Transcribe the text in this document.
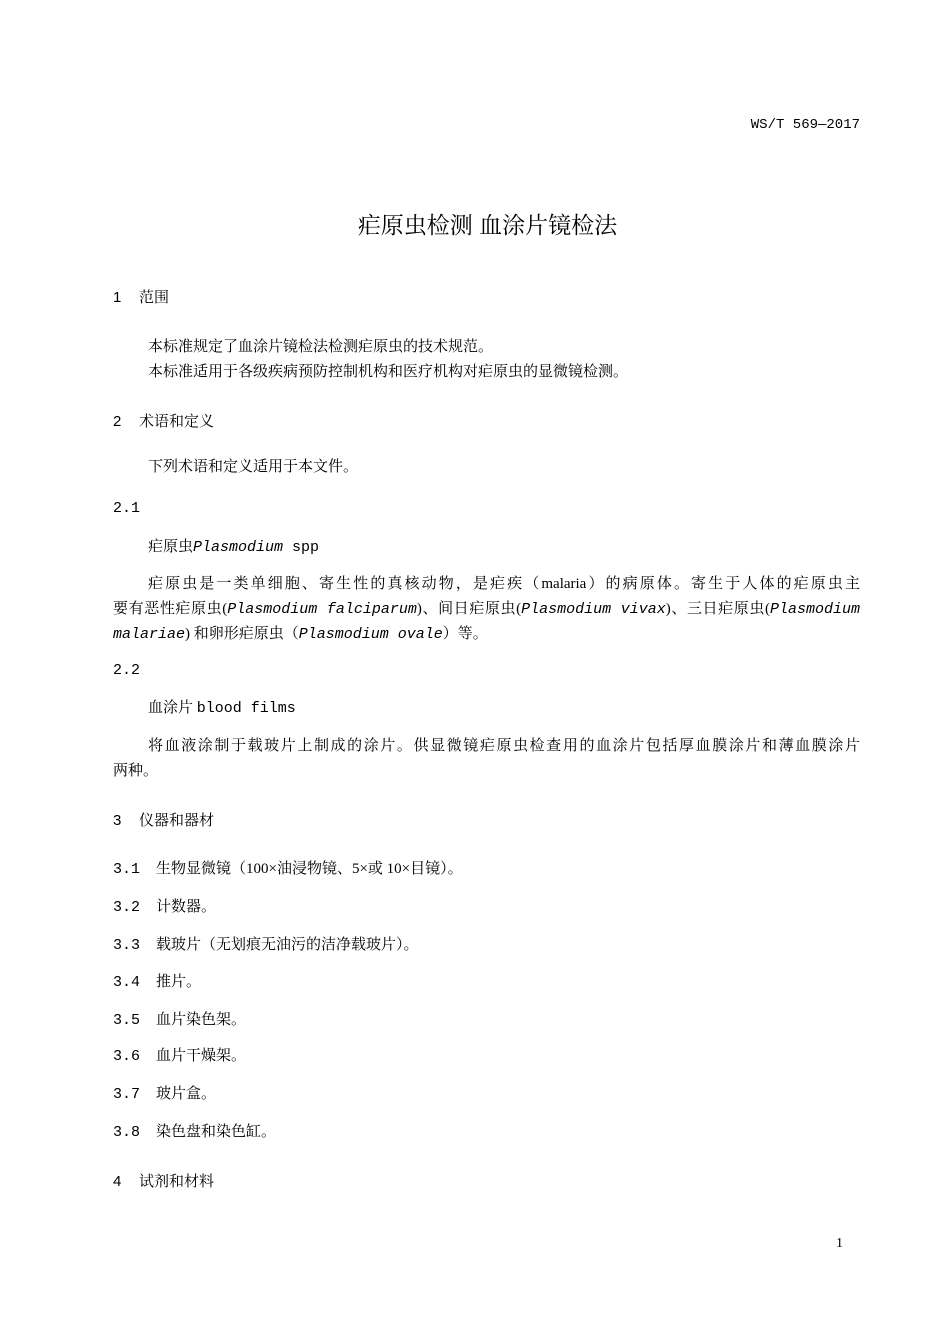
WS/T 569—2017
疟原虫检测 血涂片镜检法
1 范围
本标准规定了血涂片镜检法检测疟原虫的技术规范。
本标准适用于各级疾病预防控制机构和医疗机构对疟原虫的显微镜检测。
2 术语和定义
下列术语和定义适用于本文件。
2.1
疟原虫Plasmodium spp
疟原虫是一类单细胞、寄生性的真核动物，是疟疾（malaria）的病原体。寄生于人体的疟原虫主
要有恶性疟原虫(Plasmodium falciparum)、间日疟原虫(Plasmodium vivax)、三日疟原虫(Plasmodium
malariae) 和卵形疟原虫（Plasmodium ovale）等。
2.2
血涂片 blood films
将血液涂制于载玻片上制成的涂片。供显微镜疟原虫检查用的血涂片包括厚血膜涂片和薄血膜涂片
两种。
3 仪器和器材
3.1 生物显微镜（100×油浸物镜、5×或 10×目镜）。
3.2 计数器。
3.3 载玻片（无划痕无油污的洁净载玻片）。
3.4 推片。
3.5 血片染色架。
3.6 血片干燥架。
3.7 玻片盒。
3.8 染色盘和染色缸。
4 试剂和材料
1
